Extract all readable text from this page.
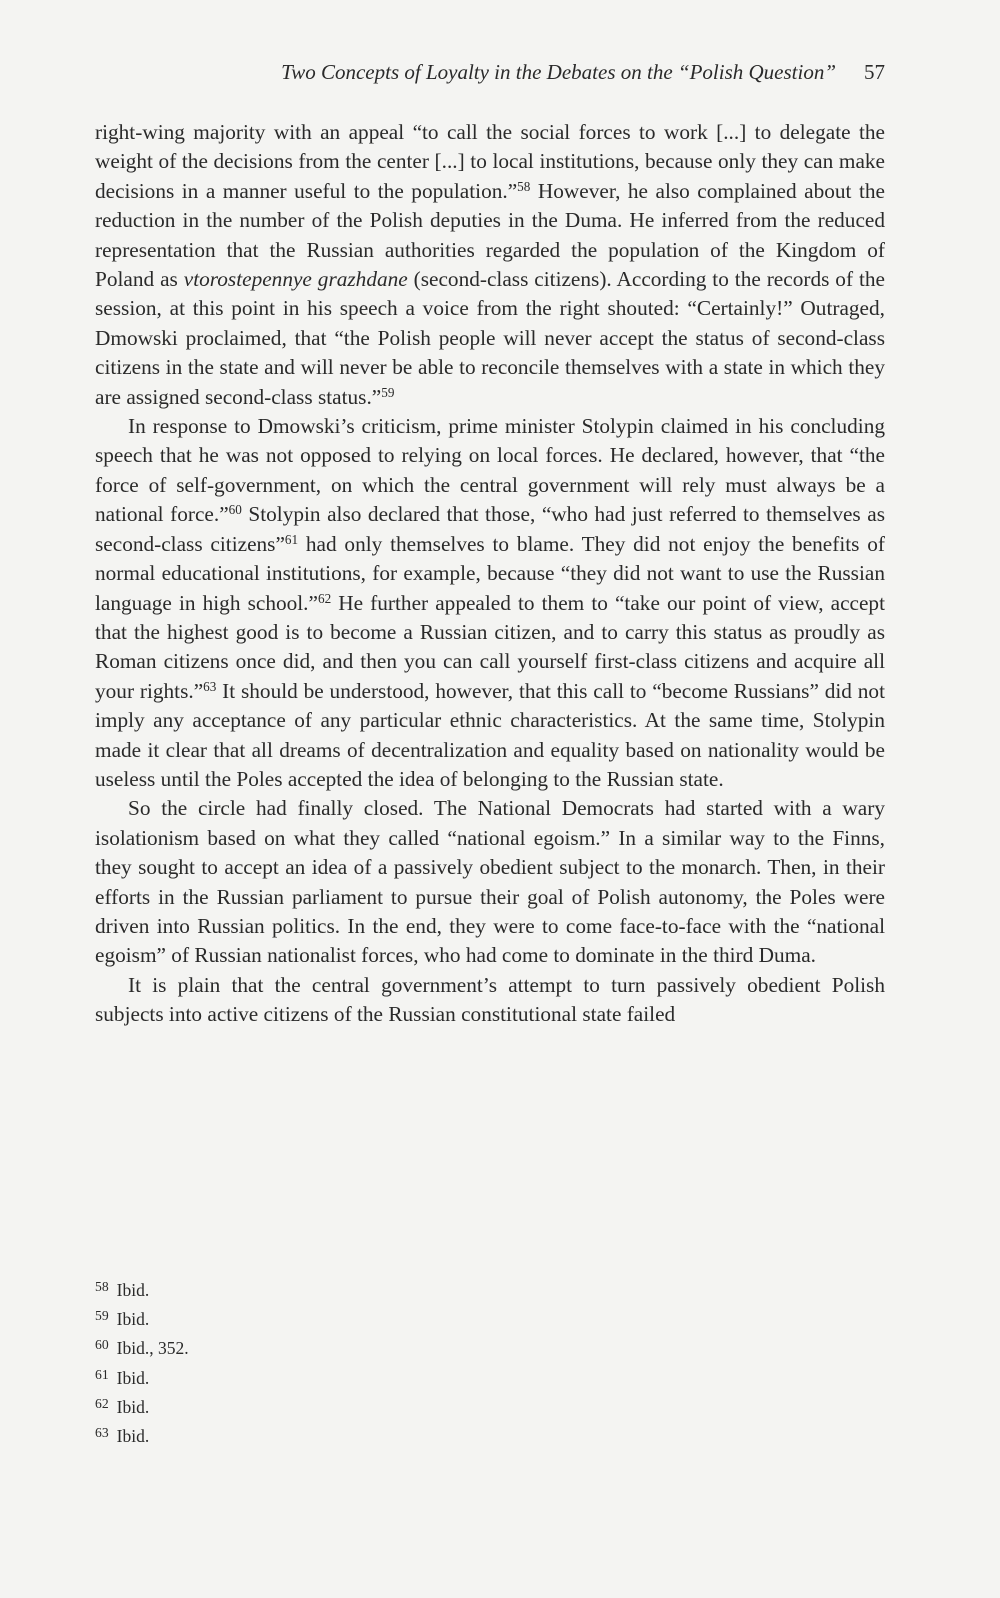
Two Concepts of Loyalty in the Debates on the “Polish Question” 57

right-wing majority with an appeal “to call the social forces to work [...] to delegate the weight of the decisions from the center [...] to local institutions, because only they can make decisions in a manner useful to the population.”$^{58}$ However, he also complained about the reduction in the number of the Polish deputies in the Duma. He inferred from the reduced representation that the Russian authorities regarded the population of the Kingdom of Poland as vtorostepennye grazhdane (second-class citizens). According to the records of the session, at this point in his speech a voice from the right shouted: “Certainly!” Outraged, Dmowski proclaimed, that “the Polish people will never accept the status of second-class citizens in the state and will never be able to reconcile themselves with a state in which they are assigned second-class status.”$^{59}$

In response to Dmowski’s criticism, prime minister Stolypin claimed in his concluding speech that he was not opposed to relying on local forces. He declared, however, that “the force of self-government, on which the central government will rely must always be a national force.”$^{60}$ Stolypin also declared that those, “who had just referred to themselves as second-class citizens”$^{61}$ had only themselves to blame. They did not enjoy the benefits of normal educational institutions, for example, because “they did not want to use the Russian language in high school.”$^{62}$ He further appealed to them to “take our point of view, accept that the highest good is to become a Russian citizen, and to carry this status as proudly as Roman citizens once did, and then you can call yourself first-class citizens and acquire all your rights.”$^{63}$ It should be understood, however, that this call to “become Russians” did not imply any acceptance of any particular ethnic characteristics. At the same time, Stolypin made it clear that all dreams of decentralization and equality based on nationality would be useless until the Poles accepted the idea of belonging to the Russian state.

So the circle had finally closed. The National Democrats had started with a wary isolationism based on what they called “national egoism.” In a similar way to the Finns, they sought to accept an idea of a passively obedient subject to the monarch. Then, in their efforts in the Russian parliament to pursue their goal of Polish autonomy, the Poles were driven into Russian politics. In the end, they were to come face-to-face with the “national egoism” of Russian nationalist forces, who had come to dominate in the third Duma.

It is plain that the central government’s attempt to turn passively obedient Polish subjects into active citizens of the Russian constitutional state failed

$^{58}$ Ibid.

$^{59}$ Ibid.

$^{60}$ Ibid., 352.

$^{61}$ Ibid.

$^{62}$ Ibid.

$^{63}$ Ibid.
